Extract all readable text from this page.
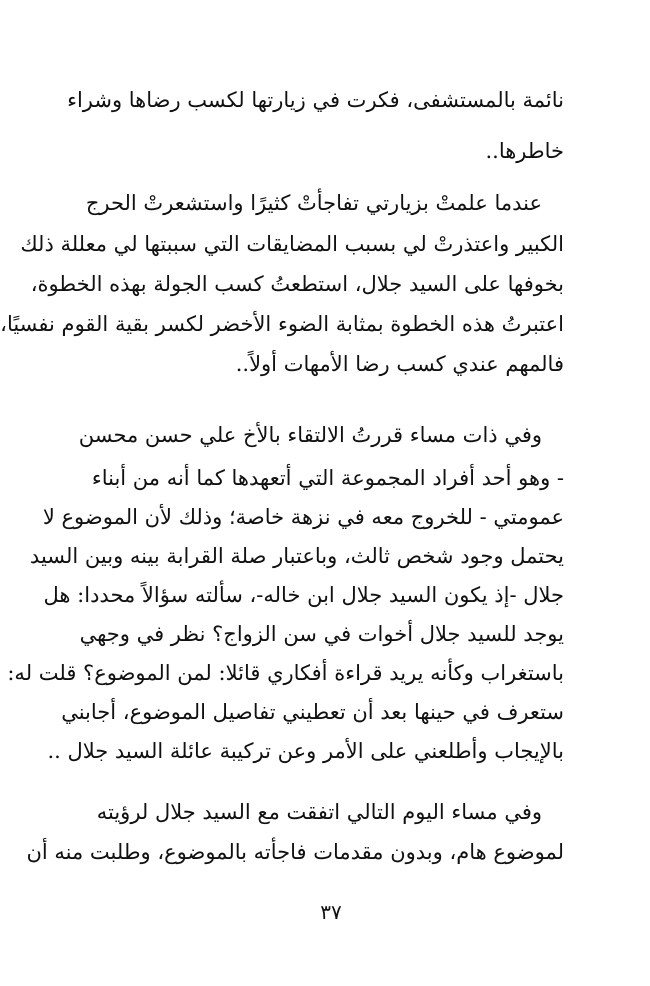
نائمة بالمستشفى، فكرت في زيارتها لكسب رضاها وشراء
خاطرها..
عندما علمتْ بزيارتي تفاجأتْ كثيرًا واستشعرتْ الحرج
الكبير واعتذرتْ لي بسبب المضايقات التي سببتها لي معللة ذلك
بخوفها على السيد جلال، استطعتُ كسب الجولة بهذه الخطوة،
اعتبرتُ هذه الخطوة بمثابة الضوء الأخضر لكسر بقية القوم نفسيًا،
فالمهم عندي كسب رضا الأمهات أولاً..
وفي ذات مساء قررتُ الالتقاء بالأخ علي حسن محسن
- وهو أحد أفراد المجموعة التي أتعهدها كما أنه من أبناء
عمومتي - للخروج معه في نزهة خاصة؛ وذلك لأن الموضوع لا
يحتمل وجود شخص ثالث، وباعتبار صلة القرابة بينه وبين السيد
جلال -إذ يكون السيد جلال ابن خاله-، سألته سؤالاً محددا: هل
يوجد للسيد جلال أخوات في سن الزواج؟ نظر في وجهي
باستغراب وكأنه يريد قراءة أفكاري قائلا: لمن الموضوع؟ قلت له:
ستعرف في حينها بعد أن تعطيني تفاصيل الموضوع، أجابني
بالإيجاب وأطلعني على الأمر وعن تركيبة عائلة السيد جلال ..
وفي مساء اليوم التالي اتفقت مع السيد جلال لرؤيته
لموضوع هام، وبدون مقدمات فاجأته بالموضوع، وطلبت منه أن
٣٧
